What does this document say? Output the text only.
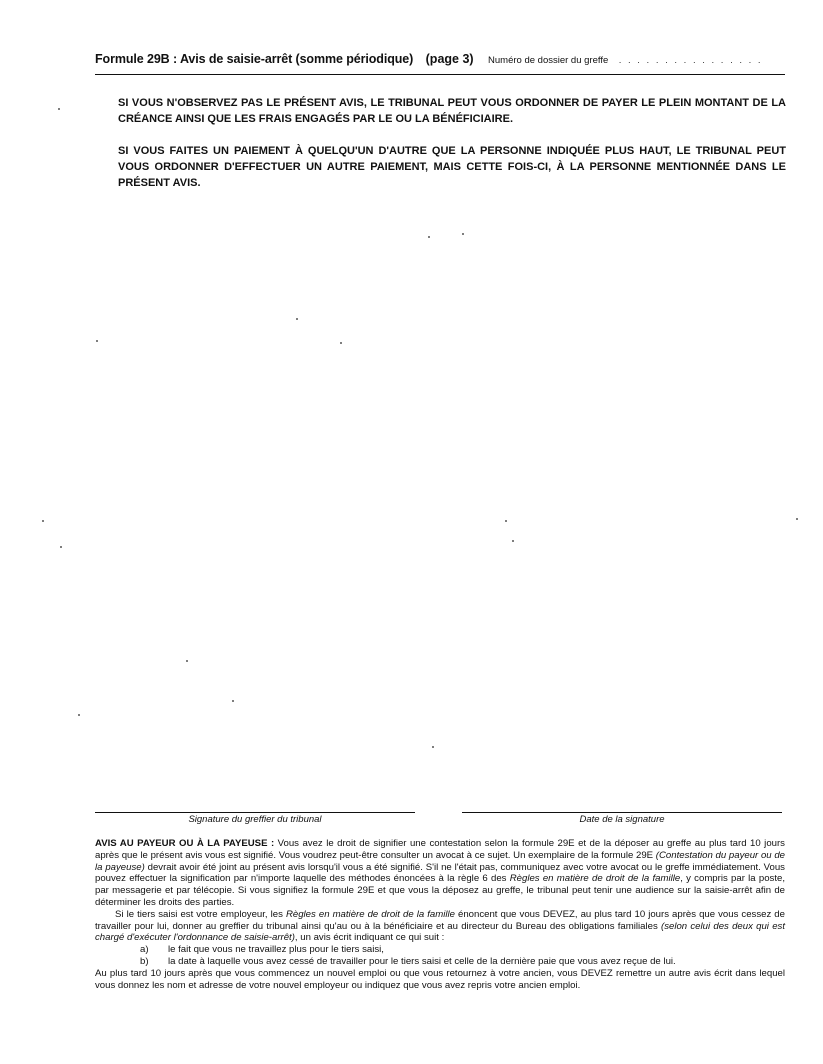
Formule 29B : Avis de saisie-arrêt (somme périodique) (page 3) Numéro de dossier du greffe . . . . . . . . . . . . . . . .

SI VOUS N'OBSERVEZ PAS LE PRÉSENT AVIS, LE TRIBUNAL PEUT VOUS ORDONNER DE PAYER LE PLEIN MONTANT DE LA CRÉANCE AINSI QUE LES FRAIS ENGAGÉS PAR LE OU LA BÉNÉFICIAIRE.

SI VOUS FAITES UN PAIEMENT À QUELQU'UN D'AUTRE QUE LA PERSONNE INDIQUÉE PLUS HAUT, LE TRIBUNAL PEUT VOUS ORDONNER D'EFFECTUER UN AUTRE PAIEMENT, MAIS CETTE FOIS-CI, À LA PERSONNE MENTIONNÉE DANS LE PRÉSENT AVIS.

Signature du greffier du tribunal	Date de la signature

AVIS AU PAYEUR OU À LA PAYEUSE : Vous avez le droit de signifier une contestation selon la formule 29E et de la déposer au greffe au plus tard 10 jours après que le présent avis vous est signifié. Vous voudrez peut-être consulter un avocat à ce sujet. Un exemplaire de la formule 29E (Contestation du payeur ou de la payeuse) devrait avoir été joint au présent avis lorsqu'il vous a été signifié. S'il ne l'était pas, communiquez avec votre avocat ou le greffe immédiatement. Vous pouvez effectuer la signification par n'importe laquelle des méthodes énoncées à la règle 6 des Règles en matière de droit de la famille, y compris par la poste, par messagerie et par télécopie. Si vous signifiez la formule 29E et que vous la déposez au greffe, le tribunal peut tenir une audience sur la saisie-arrêt afin de déterminer les droits des parties.

Si le tiers saisi est votre employeur, les Règles en matière de droit de la famille énoncent que vous DEVEZ, au plus tard 10 jours après que vous cessez de travailler pour lui, donner au greffier du tribunal ainsi qu'au ou à la bénéficiaire et au directeur du Bureau des obligations familiales (selon celui des deux qui est chargé d'exécuter l'ordonnance de saisie-arrêt), un avis écrit indiquant ce qui suit :

a)	le fait que vous ne travaillez plus pour le tiers saisi,
b)	la date à laquelle vous avez cessé de travailler pour le tiers saisi et celle de la dernière paie que vous avez reçue de lui.

Au plus tard 10 jours après que vous commencez un nouvel emploi ou que vous retournez à votre ancien, vous DEVEZ remettre un autre avis écrit dans lequel vous donnez les nom et adresse de votre nouvel employeur ou indiquez que vous avez repris votre ancien emploi.
